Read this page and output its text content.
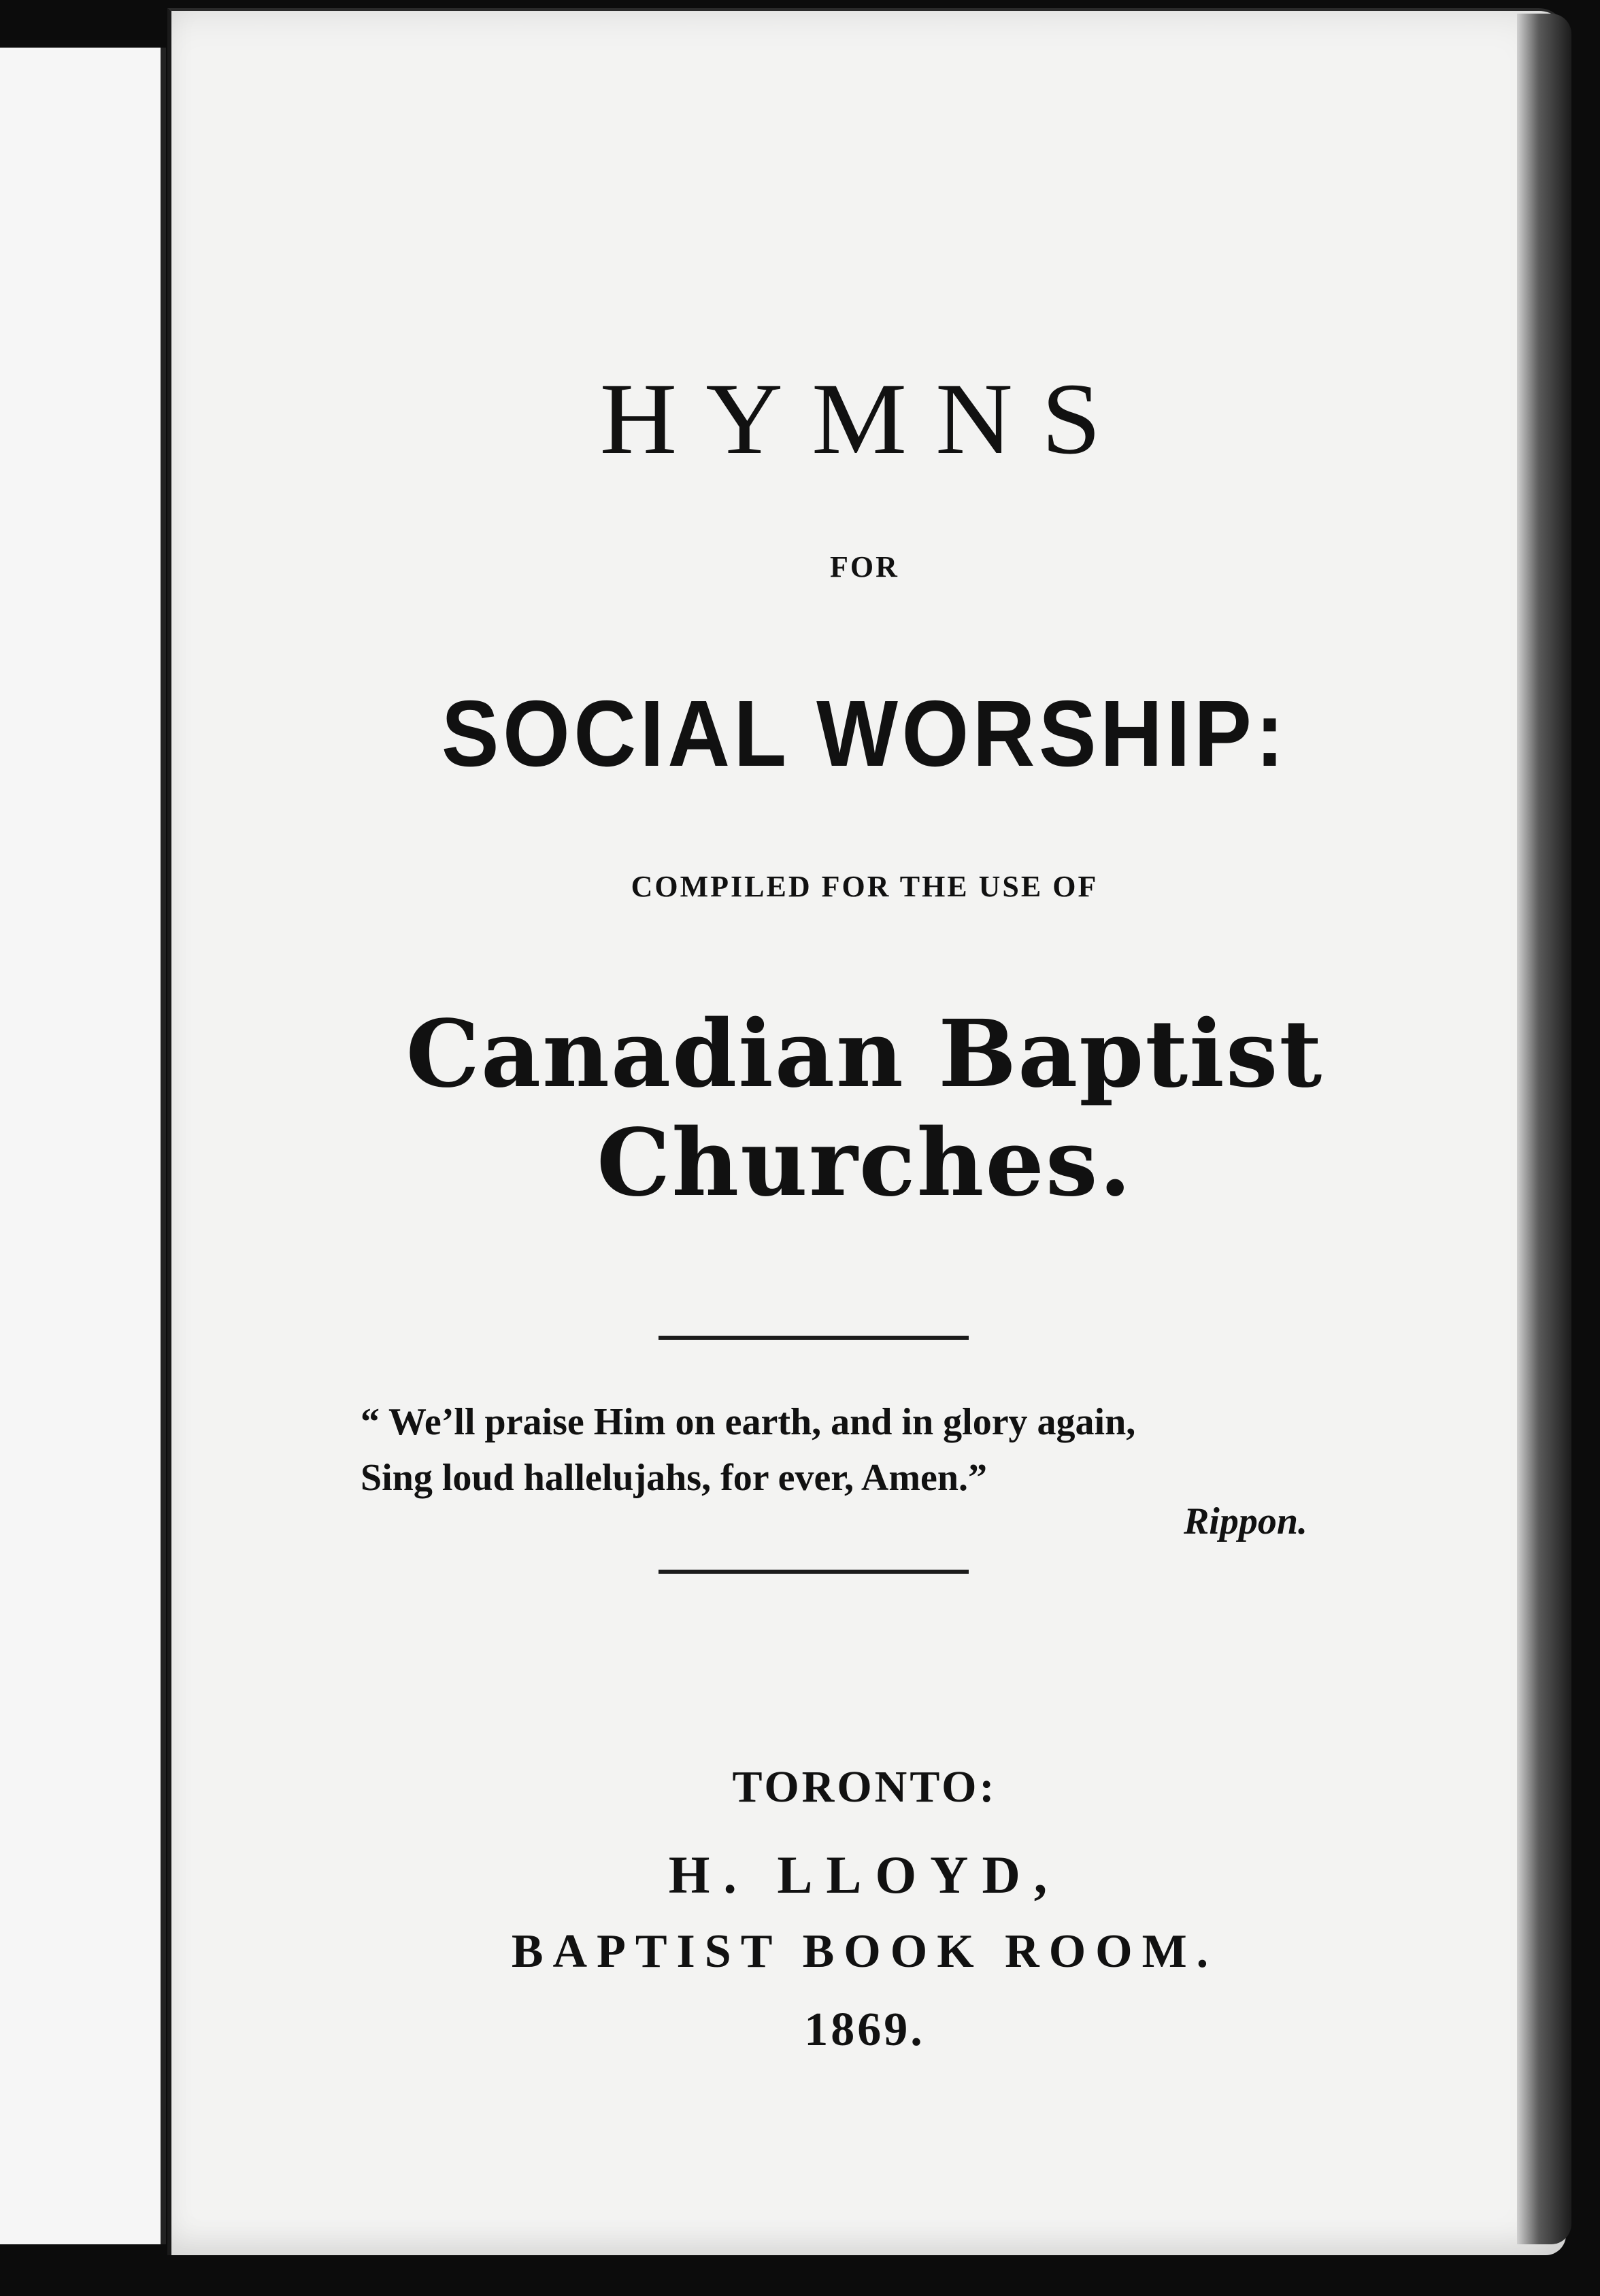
HYMNS
FOR
SOCIAL WORSHIP:
COMPILED FOR THE USE OF
Canadian Baptist Churches.
“ We’ll praise Him on earth, and in glory again,
Sing loud hallelujahs, for ever, Amen.”
Rippon.
TORONTO:
H. LLOYD,
BAPTIST BOOK ROOM.
1869.
